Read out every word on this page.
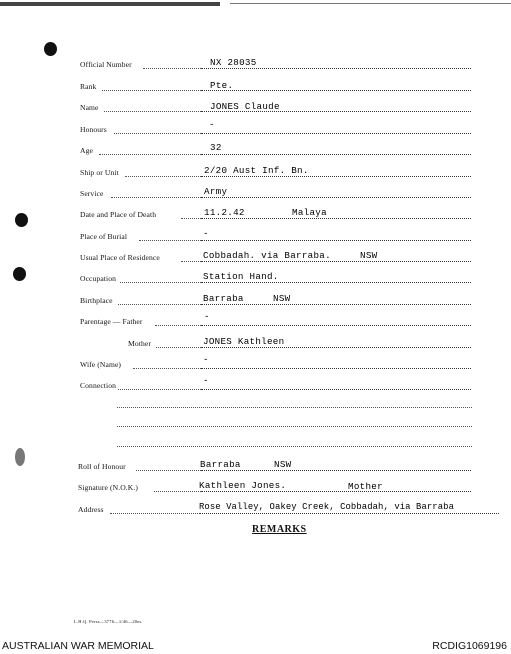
Official Number	NX 28035
Rank	Pte.
Name	JONES Claude
Honours	-
Age	32
Ship or Unit	2/20 Aust Inf. Bn.
Service	Army
Date and Place of Death	11.2.42	Malaya
Place of Burial	-
Usual Place of Residence	Cobbadah. via Barraba.	NSW
Occupation	Station Hand.
Birthplace	Barraba	NSW
Parentage — Father	-
Mother	JONES Kathleen
Wife (Name)	-
Connection	-
Roll of Honour	Barraba	NSW
Signature (N.O.K.)	Kathleen Jones.	Mother
Address	Rose Valley, Oakey Creek, Cobbadah, via Barraba
REMARKS
L.H.Q. Press—3776—1/46—20m.
AUSTRALIAN WAR MEMORIAL	RCDIG1069196
